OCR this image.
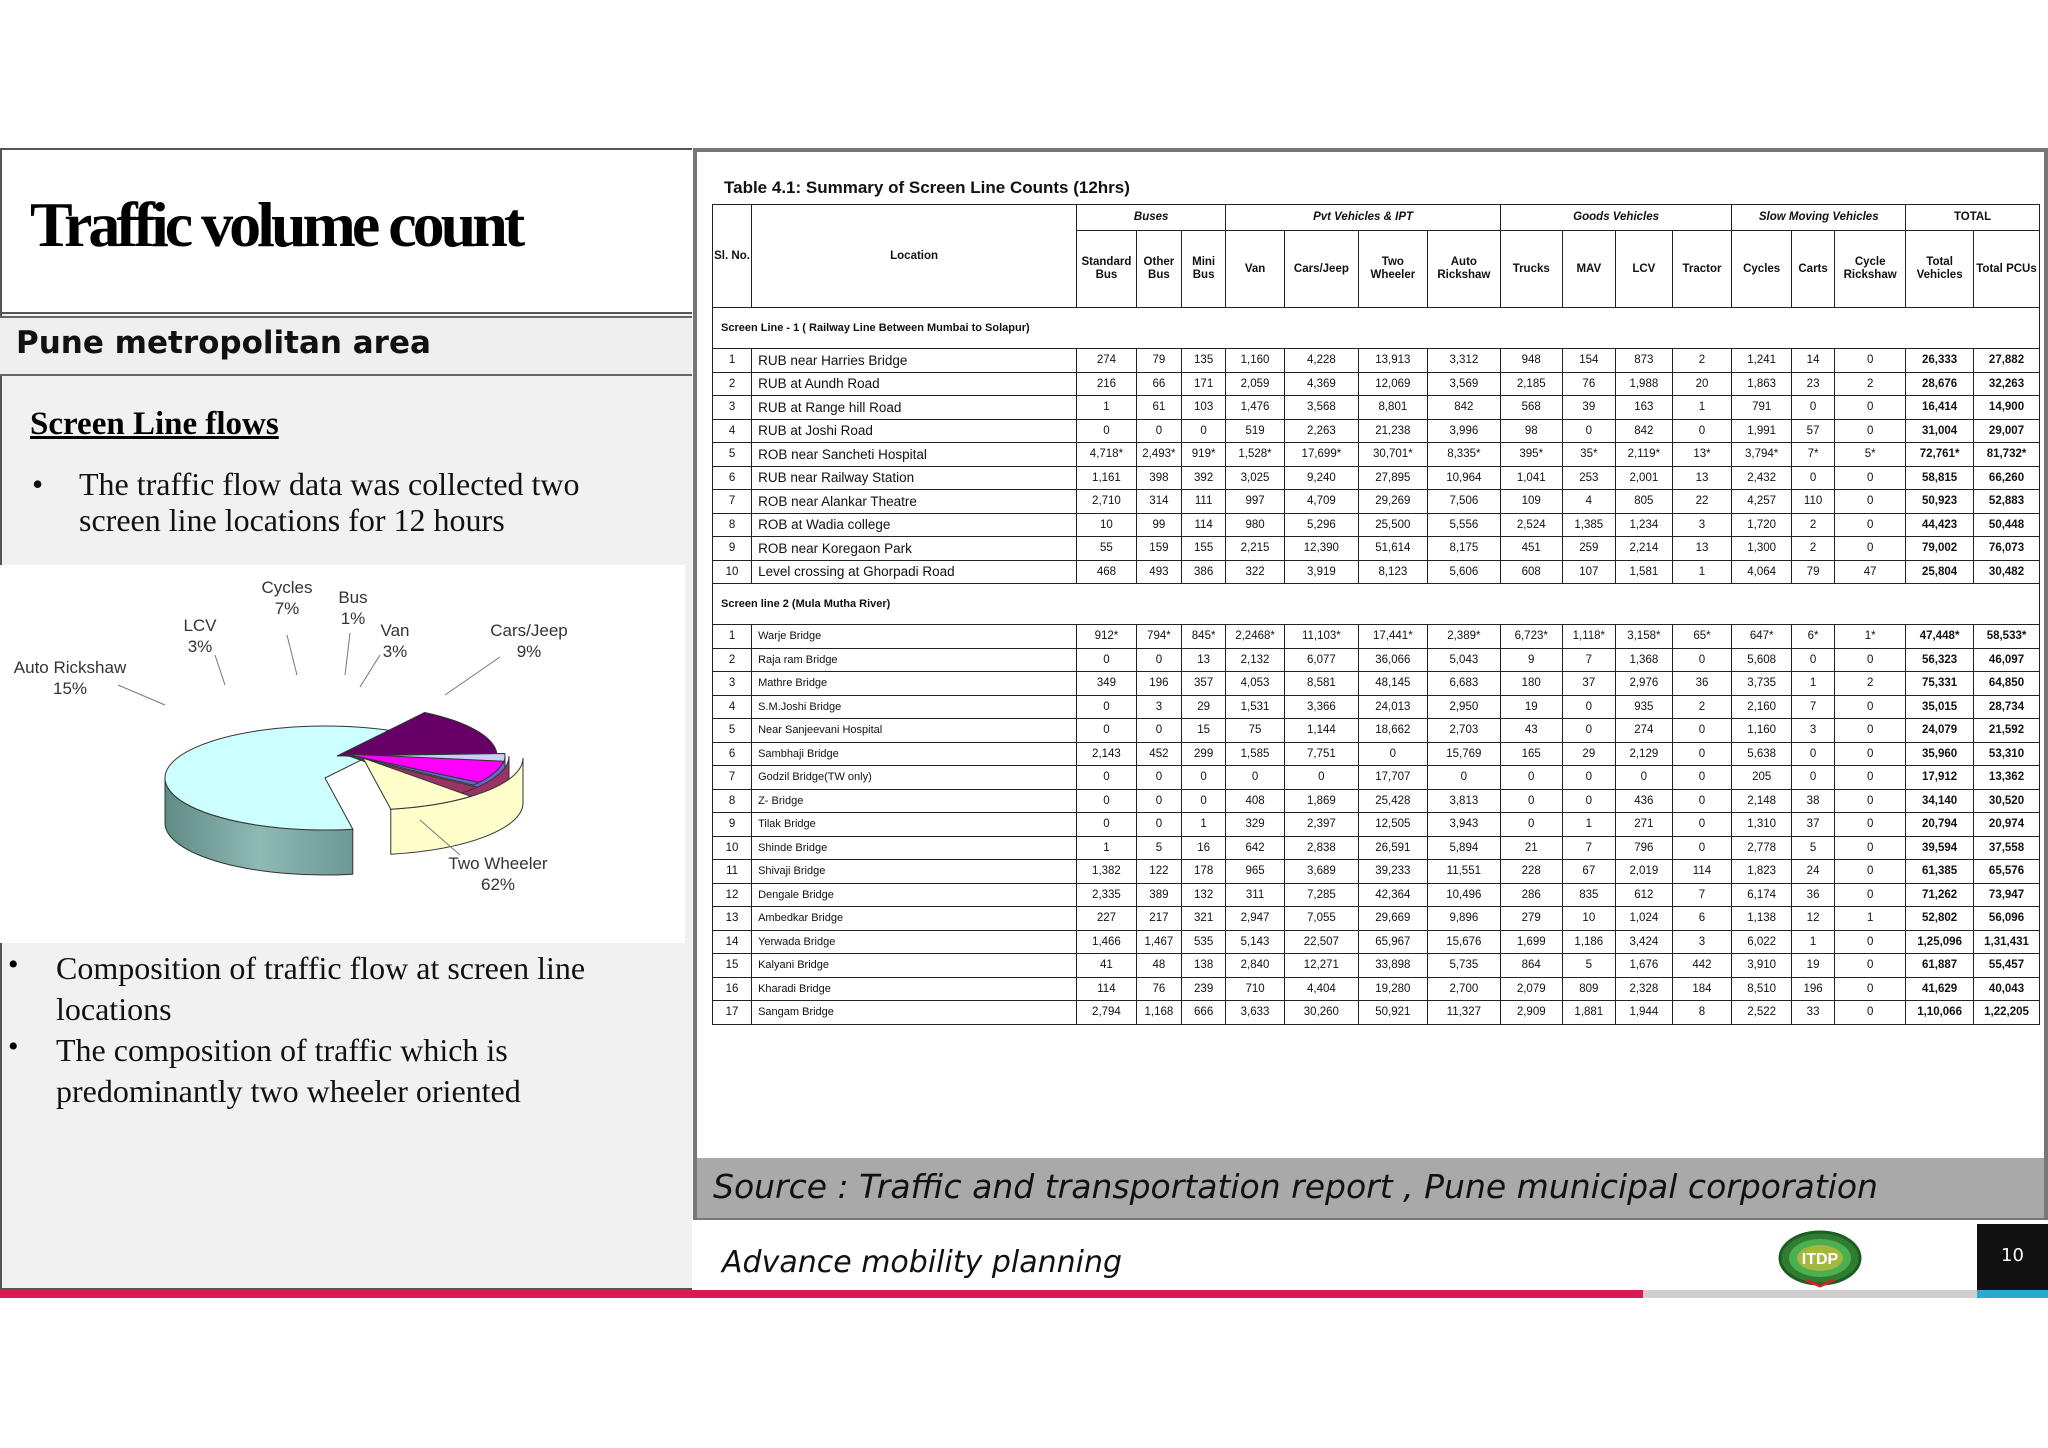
Traffic volume count
Pune metropolitan area
Screen Line flows
• The traffic flow data was collected two screen line locations for 12 hours
Two Wheeler
62%
Auto Rickshaw
15%
LCV
3%
Cycles
7%
Bus
1%
Van
3%
Cars/Jeep
9%
• Composition of traffic flow at screen line locations
• The composition of traffic which is predominantly two wheeler oriented
Table 4.1: Summary of Screen Line Counts (12hrs)
Sl. No.	Location	Buses			Pvt Vehicles & IPT				Goods Vehicles				Slow Moving Vehicles			TOTAL	
		Standard Bus	Other Bus	Mini Bus	Van	Cars/Jeep	Two Wheeler	Auto Rickshaw	Trucks	MAV	LCV	Tractor	Cycles	Carts	Cycle Rickshaw	Total Vehicles	Total PCUs
Screen Line - 1 ( Railway Line Between Mumbai to Solapur)																	
1	RUB near Harries Bridge	274	79	135	1,160	4,228	13,913	3,312	948	154	873	2	1,241	14	0	26,333	27,882
2	RUB at Aundh Road	216	66	171	2,059	4,369	12,069	3,569	2,185	76	1,988	20	1,863	23	2	28,676	32,263
3	RUB at Range hill Road	1	61	103	1,476	3,568	8,801	842	568	39	163	1	791	0	0	16,414	14,900
4	RUB at Joshi Road	0	0	0	519	2,263	21,238	3,996	98	0	842	0	1,991	57	0	31,004	29,007
5	ROB near Sancheti Hospital	4,718*	2,493*	919*	1,528*	17,699*	30,701*	8,335*	395*	35*	2,119*	13*	3,794*	7*	5*	72,761*	81,732*
6	RUB near Railway Station	1,161	398	392	3,025	9,240	27,895	10,964	1,041	253	2,001	13	2,432	0	0	58,815	66,260
7	ROB near Alankar Theatre	2,710	314	111	997	4,709	29,269	7,506	109	4	805	22	4,257	110	0	50,923	52,883
8	ROB at Wadia college	10	99	114	980	5,296	25,500	5,556	2,524	1,385	1,234	3	1,720	2	0	44,423	50,448
9	ROB near Koregaon Park	55	159	155	2,215	12,390	51,614	8,175	451	259	2,214	13	1,300	2	0	79,002	76,073
10	Level crossing at Ghorpadi Road	468	493	386	322	3,919	8,123	5,606	608	107	1,581	1	4,064	79	47	25,804	30,482
Screen line 2 (Mula Mutha River)																	
1	Warje Bridge	912*	794*	845*	2,2468*	11,103*	17,441*	2,389*	6,723*	1,118*	3,158*	65*	647*	6*	1*	47,448*	58,533*
2	Raja ram Bridge	0	0	13	2,132	6,077	36,066	5,043	9	7	1,368	0	5,608	0	0	56,323	46,097
3	Mathre Bridge	349	196	357	4,053	8,581	48,145	6,683	180	37	2,976	36	3,735	1	2	75,331	64,850
4	S.M.Joshi Bridge	0	3	29	1,531	3,366	24,013	2,950	19	0	935	2	2,160	7	0	35,015	28,734
5	Near Sanjeevani Hospital	0	0	15	75	1,144	18,662	2,703	43	0	274	0	1,160	3	0	24,079	21,592
6	Sambhaji Bridge	2,143	452	299	1,585	7,751	0	15,769	165	29	2,129	0	5,638	0	0	35,960	53,310
7	Godzil Bridge(TW only)	0	0	0	0	0	17,707	0	0	0	0	0	205	0	0	17,912	13,362
8	Z- Bridge	0	0	0	408	1,869	25,428	3,813	0	0	436	0	2,148	38	0	34,140	30,520
9	Tilak Bridge	0	0	1	329	2,397	12,505	3,943	0	1	271	0	1,310	37	0	20,794	20,974
10	Shinde Bridge	1	5	16	642	2,838	26,591	5,894	21	7	796	0	2,778	5	0	39,594	37,558
11	Shivaji Bridge	1,382	122	178	965	3,689	39,233	11,551	228	67	2,019	114	1,823	24	0	61,385	65,576
12	Dengale Bridge	2,335	389	132	311	7,285	42,364	10,496	286	835	612	7	6,174	36	0	71,262	73,947
13	Ambedkar Bridge	227	217	321	2,947	7,055	29,669	9,896	279	10	1,024	6	1,138	12	1	52,802	56,096
14	Yerwada Bridge	1,466	1,467	535	5,143	22,507	65,967	15,676	1,699	1,186	3,424	3	6,022	1	0	1,25,096	1,31,431
15	Kalyani Bridge	41	48	138	2,840	12,271	33,898	5,735	864	5	1,676	442	3,910	19	0	61,887	55,457
16	Kharadi Bridge	114	76	239	710	4,404	19,280	2,700	2,079	809	2,328	184	8,510	196	0	41,629	40,043
17	Sangam Bridge	2,794	1,168	666	3,633	30,260	50,921	11,327	2,909	1,881	1,944	8	2,522	33	0	1,10,066	1,22,205
Source : Traffic and transportation report , Pune municipal corporation
Advance mobility planning	ITDP	10
